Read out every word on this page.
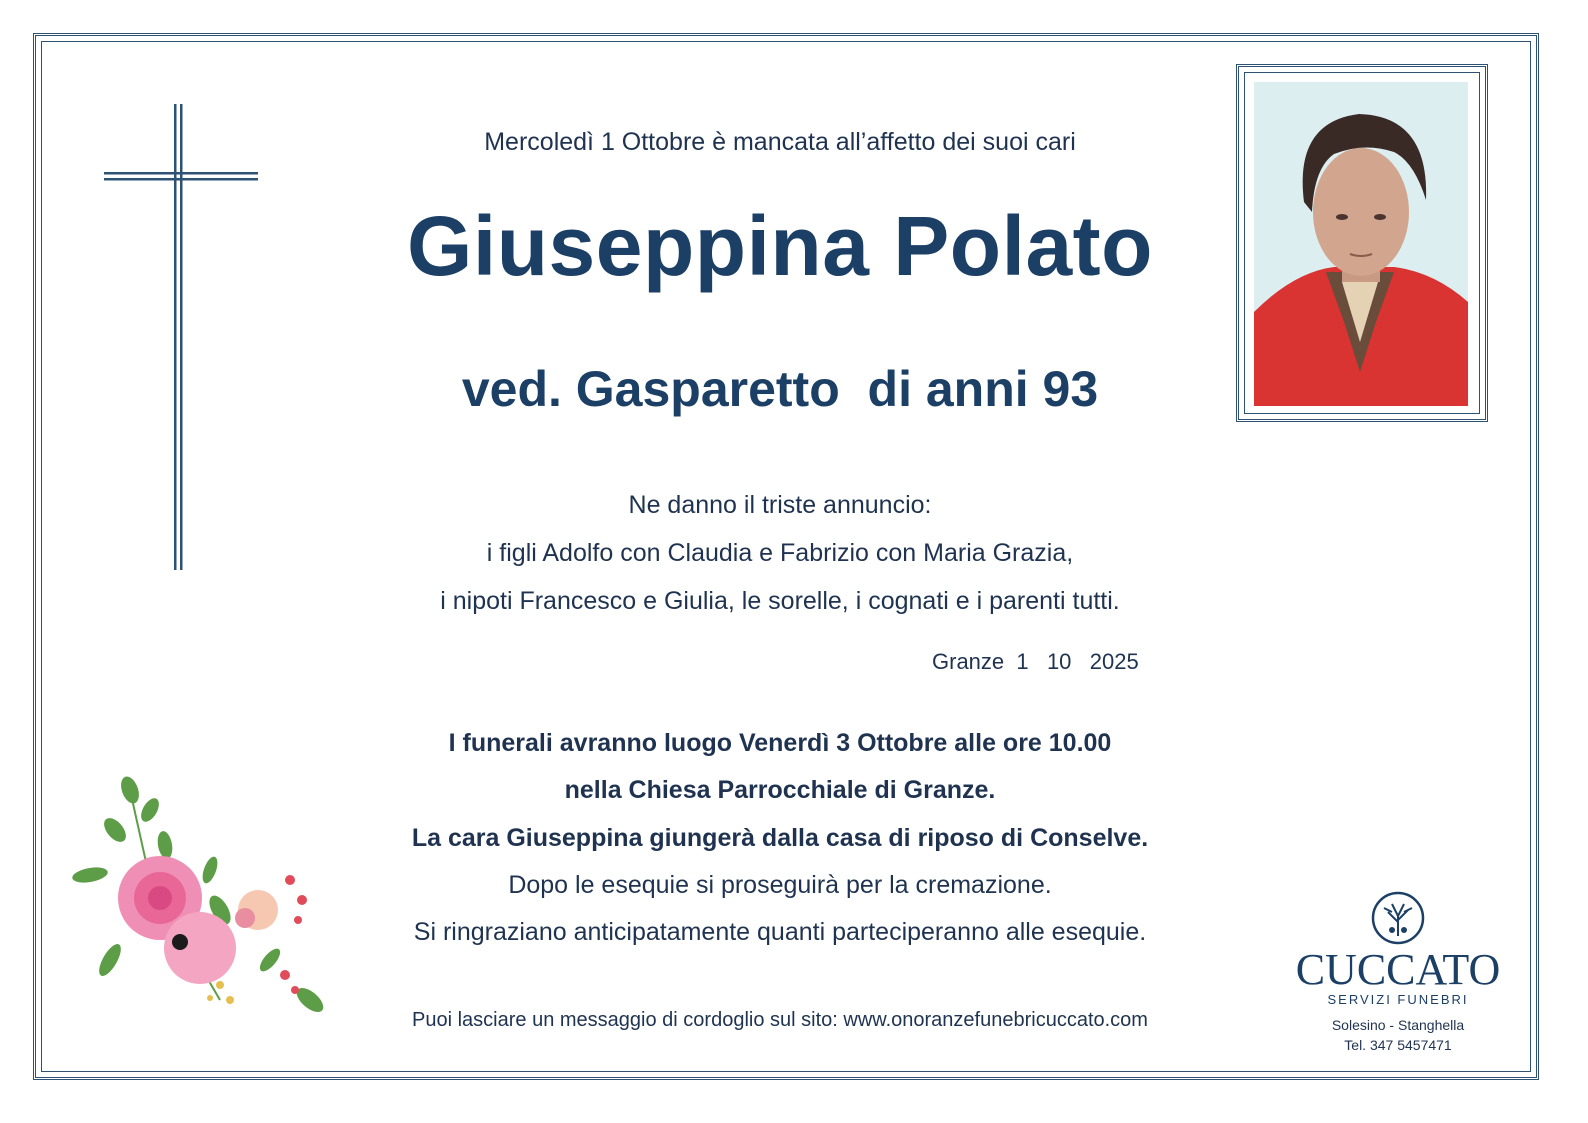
Mercoledì 1 Ottobre è mancata all’affetto dei suoi cari
Giuseppina Polato
ved. Gasparetto  di anni 93
Ne danno il triste annuncio:
i figli Adolfo con Claudia e Fabrizio con Maria Grazia,
i nipoti Francesco e Giulia, le sorelle, i cognati e i parenti tutti.
Granze  1   10   2025
I funerali avranno luogo Venerdì 3 Ottobre alle ore 10.00
nella Chiesa Parrocchiale di Granze.
La cara Giuseppina giungerà dalla casa di riposo di Conselve.
Dopo le esequie si proseguirà per la cremazione.
Si ringraziano anticipatamente quanti parteciperanno alle esequie.
Puoi lasciare un messaggio di cordoglio sul sito: www.onoranzefunebricuccato.com
CUCCATO
SERVIZI FUNEBRI
Solesino - Stanghella
Tel. 347 5457471
